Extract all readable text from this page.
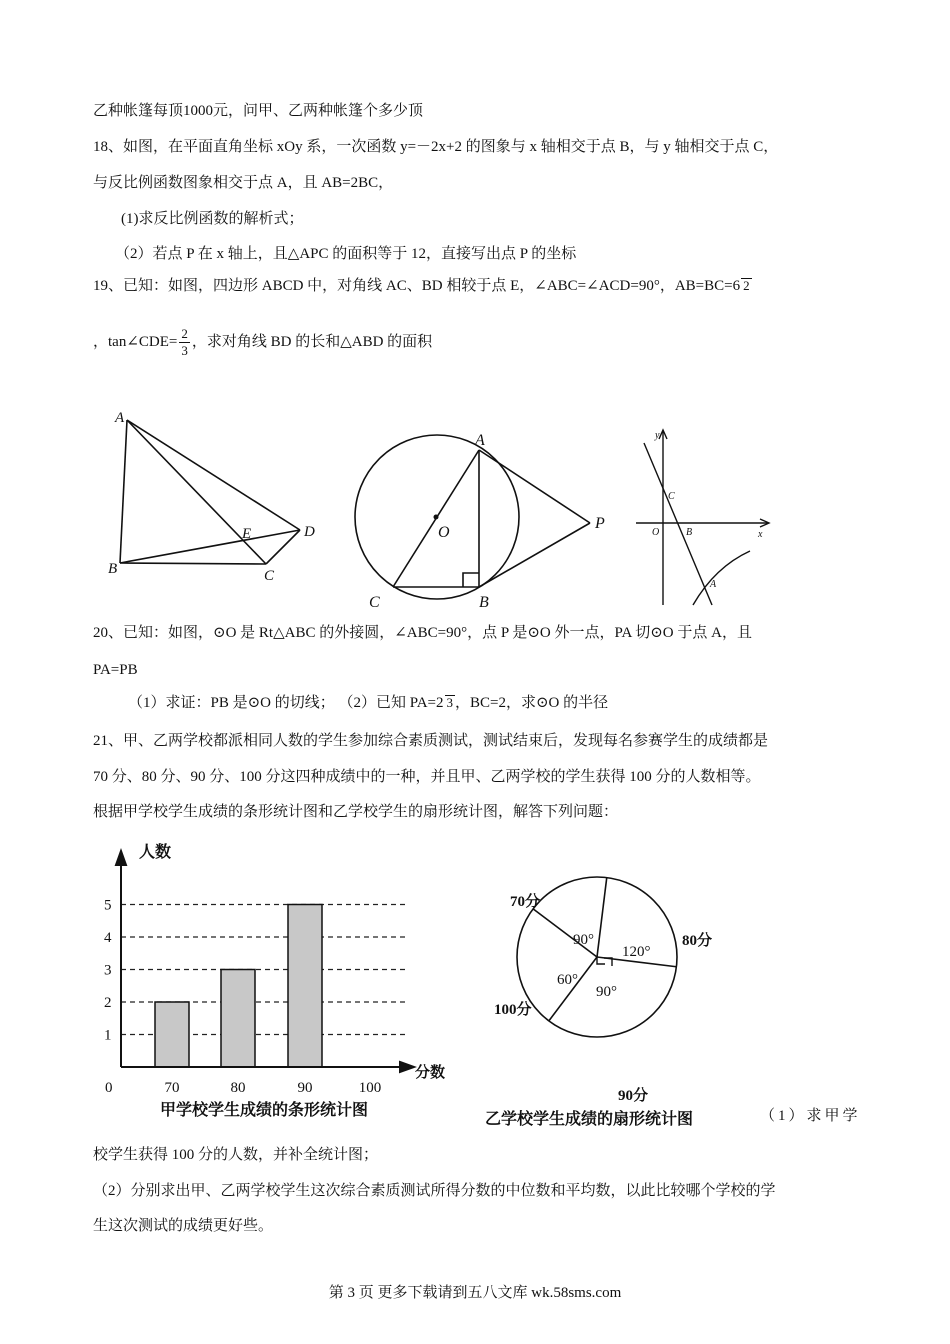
乙种帐篷每顶1000元，问甲、乙两种帐篷个多少顶
18、如图，在平面直角坐标 xOy 系，一次函数 y=－2x+2 的图象与 x 轴相交于点 B，与 y 轴相交于点 C，
与反比例函数图象相交于点 A，且 AB=2BC，
(1)求反比例函数的解析式；
（2）若点 P 在 x 轴上，且△APC 的面积等于 12，直接写出点 P 的坐标
19、已知：如图，四边形 ABCD 中，对角线 AC、BD 相较于点 E，∠ABC=∠ACD=90°，AB=BC=6 2
，tan∠CDE= $\frac{2}{3}$ ，求对角线 BD 的长和△ABD 的面积
A
B	C
D
E
A
B
C
O
P
y
x
C
O	B
A
20、已知：如图，⊙O 是 Rt△ABC 的外接圆，∠ABC=90°，点 P 是⊙O 外一点，PA 切⊙O 于点 A，且
PA=PB
（1）求证：PB 是⊙O 的切线； （2）已知 PA=2 3 ，BC=2，求⊙O 的半径
21、甲、乙两学校都派相同人数的学生参加综合素质测试，测试结束后，发现每名参赛学生的成绩都是
70 分、80 分、90 分、100 分这四种成绩中的一种，并且甲、乙两学校的学生获得 100 分的人数相等。
根据甲学校学生成绩的条形统计图和乙学校学生的扇形统计图，解答下列问题：
1
2
3
4
5
70	80	90	100
人数
分数
0
甲学校学生成绩的条形统计图
70分
80分
90分
100分
90°
120°
90°
60°
乙学校学生成绩的扇形统计图	（1）求甲学
校学生获得 100 分的人数，并补全统计图；
（2）分别求出甲、乙两学校学生这次综合素质测试所得分数的中位数和平均数，以此比较哪个学校的学
生这次测试的成绩更好些。
第 3 页 更多下载请到五八文库 wk.58sms.com
